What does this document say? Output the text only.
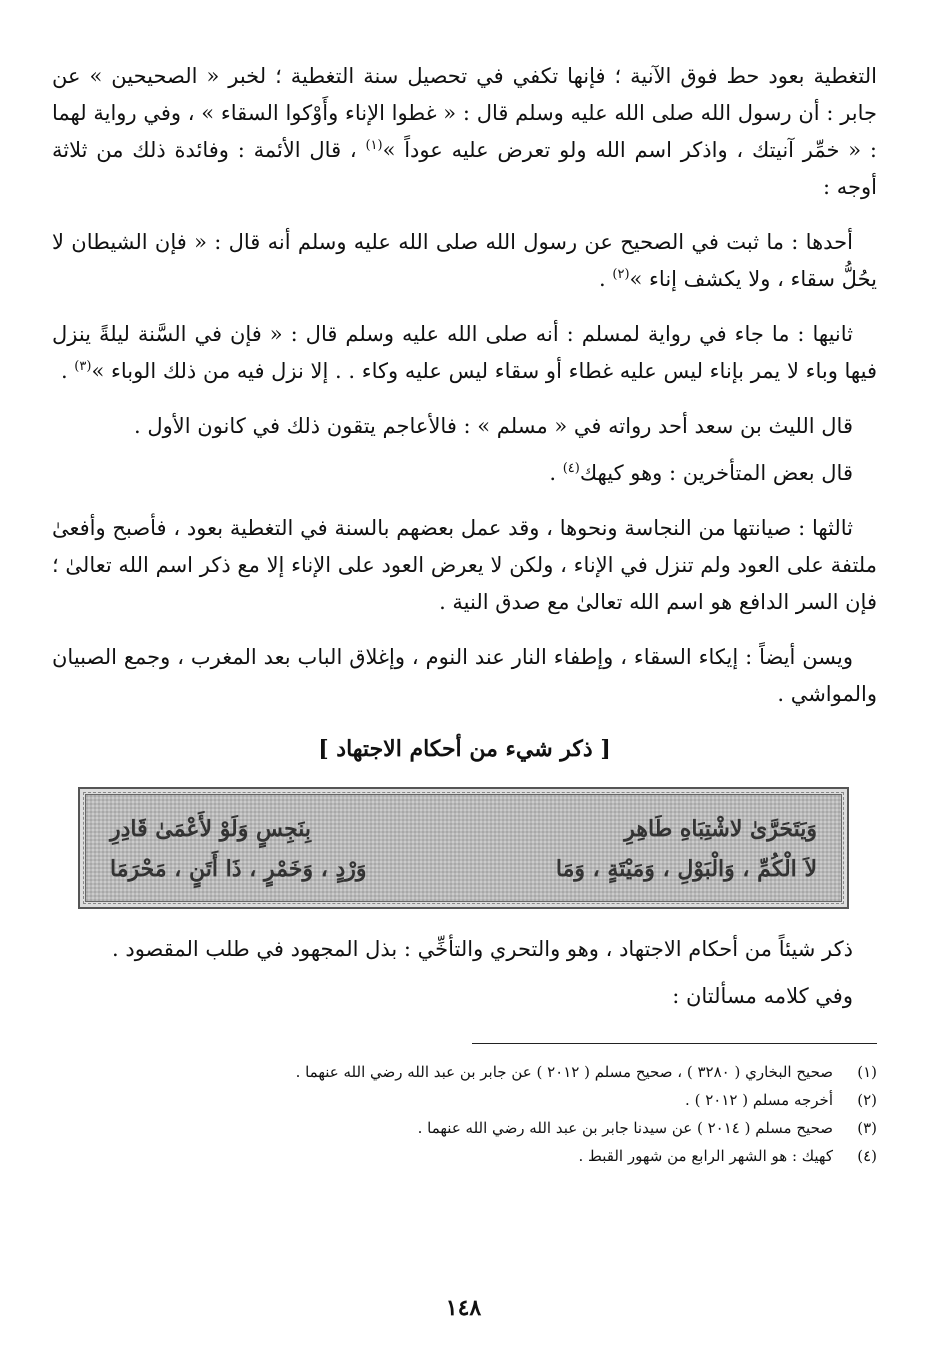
التغطية بعود حط فوق الآنية ؛ فإنها تكفي في تحصيل سنة التغطية ؛ لخبر « الصحيحين » عن جابر : أن رسول الله صلى الله عليه وسلم قال : « غطوا الإناء وأَوْكوا السقاء » ، وفي رواية لهما : « خمِّر آنيتك ، واذكر اسم الله ولو تعرض عليه عوداً »$^{(١)}$ ، قال الأئمة : وفائدة ذلك من ثلاثة أوجه :

أحدها : ما ثبت في الصحيح عن رسول الله صلى الله عليه وسلم أنه قال : « فإن الشيطان لا يحُلُّ سقاء ، ولا يكشف إناء »$^{(٢)}$ .

ثانيها : ما جاء في رواية لمسلم : أنه صلى الله عليه وسلم قال : « فإن في السَّنة ليلةً ينزل فيها وباء لا يمر بإناء ليس عليه غطاء أو سقاء ليس عليه وكاء . . إلا نزل فيه من ذلك الوباء »$^{(٣)}$ .

قال الليث بن سعد أحد رواته في « مسلم » : فالأعاجم يتقون ذلك في كانون الأول .

قال بعض المتأخرين : وهو كيهك$^{(٤)}$ .

ثالثها : صيانتها من النجاسة ونحوها ، وقد عمل بعضهم بالسنة في التغطية بعود ، فأصبح وأفعىٰ ملتفة على العود ولم تنزل في الإناء ، ولكن لا يعرض العود على الإناء إلا مع ذكر اسم الله تعالىٰ ؛ فإن السر الدافع هو اسم الله تعالىٰ مع صدق النية .

ويسن أيضاً : إيكاء السقاء ، وإطفاء النار عند النوم ، وإغلاق الباب بعد المغرب ، وجمع الصبيان والمواشي .

[ ذكر شيء من أحكام الاجتهاد ]
وَيَتَحَرَّىٰ لاشْتِبَاهِ طَاهِرِ
بِنَجِسٍ وَلَوْ لأَعْمَىٰ قَادِرِ
لاَ الْكُمِّ ، وَالْبَوْلِ ، وَمَيْتَةٍ ، وَمَا
وَرْدٍ ، وَخَمْرٍ ، ذَا أَتَنٍ ، مَحْرَمَا

ذكر شيئاً من أحكام الاجتهاد ، وهو والتحري والتأخِّي : بذل المجهود في طلب المقصود .

وفي كلامه مسألتان :

(١)
صحيح البخاري ( ٣٢٨٠ ) ، صحيح مسلم ( ٢٠١٢ ) عن جابر بن عبد الله رضي الله عنهما .
(٢)
أخرجه مسلم ( ٢٠١٢ ) .
(٣)
صحيح مسلم ( ٢٠١٤ ) عن سيدنا جابر بن عبد الله رضي الله عنهما .
(٤)
كهيك : هو الشهر الرابع من شهور القبط .
١٤٨
